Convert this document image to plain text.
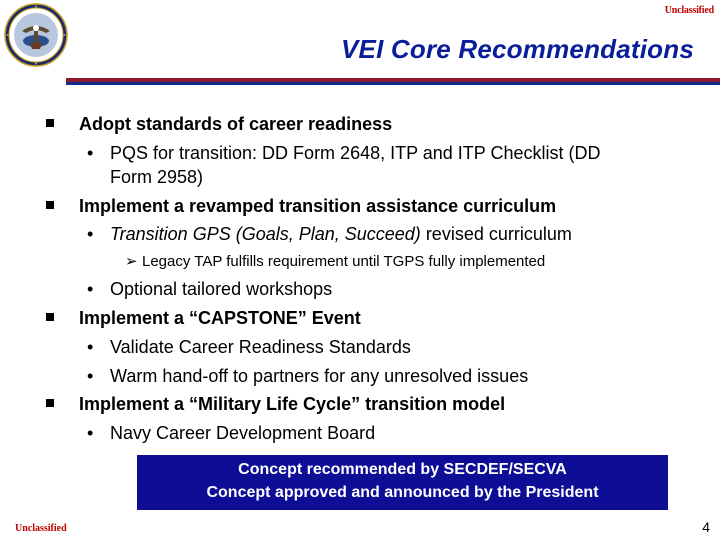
Unclassified
VEI Core Recommendations
Adopt standards of career readiness
• PQS for transition: DD Form 2648, ITP and ITP Checklist (DD
Form 2958)
Implement a revamped transition assistance curriculum
• Transition GPS (Goals, Plan, Succeed) revised curriculum
➢ Legacy TAP fulfills requirement until TGPS fully implemented
• Optional tailored workshops
Implement a “CAPSTONE” Event
• Validate Career Readiness Standards
• Warm hand-off to partners for any unresolved issues
Implement a “Military Life Cycle” transition model
• Navy Career Development Board
Concept recommended by SECDEF/SECVA
Concept approved and announced by the President
Unclassified	4
